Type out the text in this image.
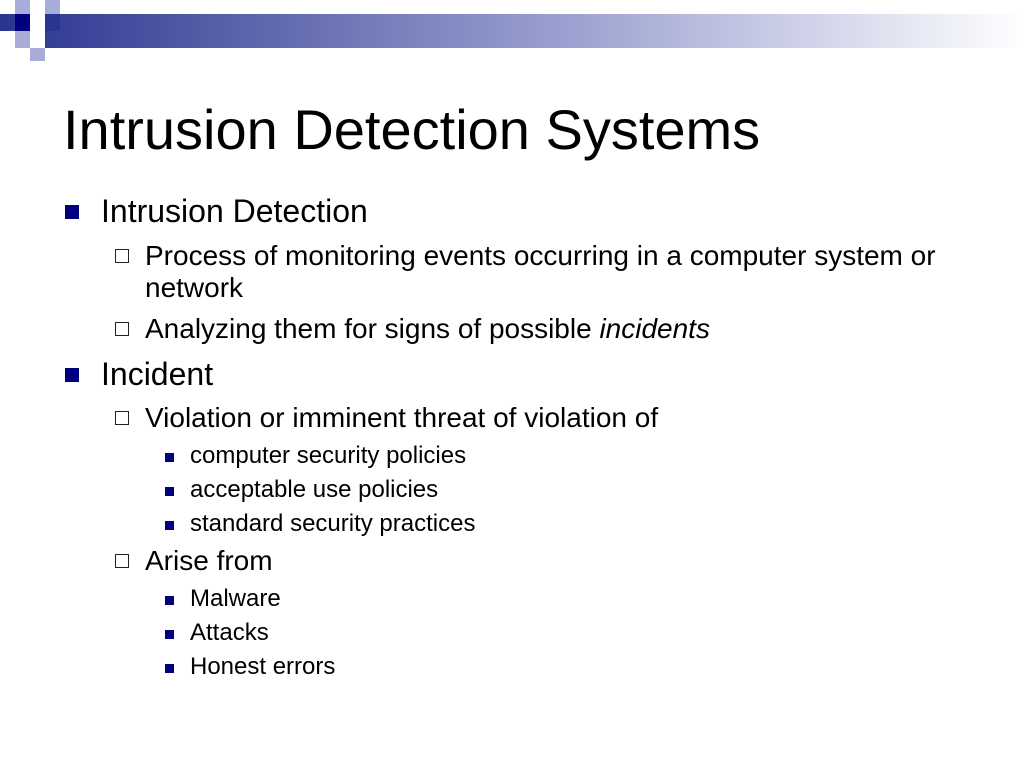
Intrusion Detection Systems
Intrusion Detection
Process of monitoring events occurring in a computer system or network
Analyzing them for signs of possible incidents
Incident
Violation or imminent threat of violation of
computer security policies
acceptable use policies
standard security practices
Arise from
Malware
Attacks
Honest errors
